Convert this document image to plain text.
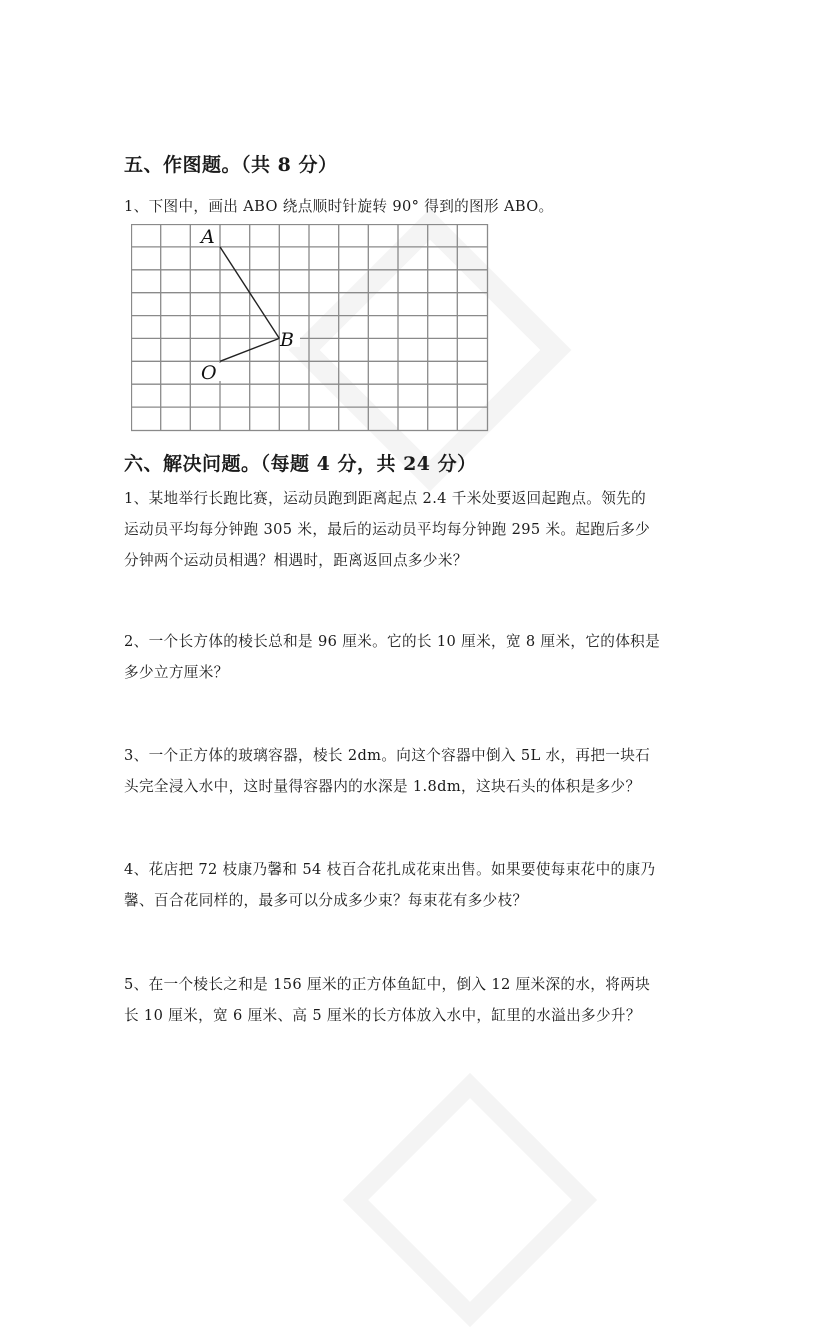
五、作图题。（共 8 分）
1、下图中，画出 ABO 绕点顺时针旋转 90° 得到的图形 ABO。
A
B
O
六、解决问题。（每题 4 分，共 24 分）
1、某地举行长跑比赛，运动员跑到距离起点 2.4 千米处要返回起跑点。领先的
运动员平均每分钟跑 305 米，最后的运动员平均每分钟跑 295 米。起跑后多少
分钟两个运动员相遇？相遇时，距离返回点多少米？
2、一个长方体的棱长总和是 96 厘米。它的长 10 厘米，宽 8 厘米，它的体积是
多少立方厘米？
3、一个正方体的玻璃容器，棱长 2dm。向这个容器中倒入 5L 水，再把一块石
头完全浸入水中，这时量得容器内的水深是 1.8dm，这块石头的体积是多少？
4、花店把 72 枝康乃馨和 54 枝百合花扎成花束出售。如果要使每束花中的康乃
馨、百合花同样的，最多可以分成多少束？每束花有多少枝？
5、在一个棱长之和是 156 厘米的正方体鱼缸中，倒入 12 厘米深的水，将两块
长 10 厘米，宽 6 厘米、高 5 厘米的长方体放入水中，缸里的水溢出多少升？
